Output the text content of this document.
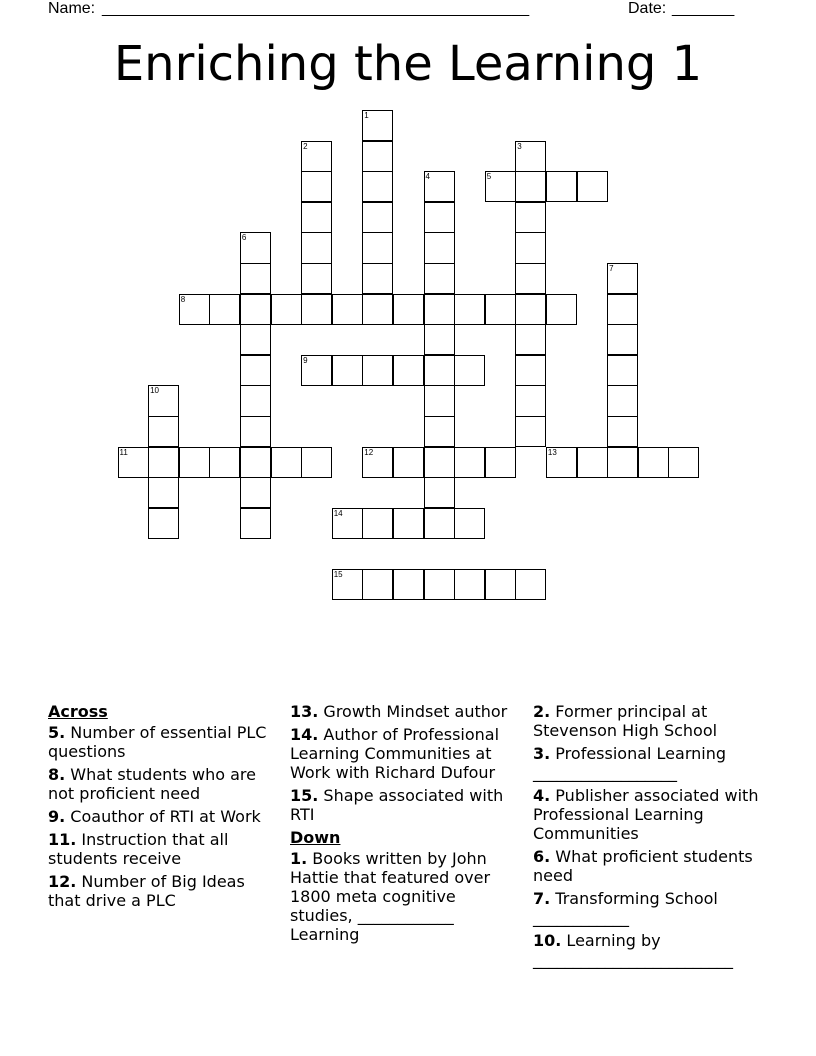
Name: ________________________________________________	Date: _______
Enriching the Learning 1
1
2	3
4	5
6
7
8
9
10
11	12	13
14
15
Across
5. Number of essential PLC questions
8. What students who are not proficient need
9. Coauthor of RTI at Work
11. Instruction that all students receive
12. Number of Big Ideas that drive a PLC
13. Growth Mindset author
14. Author of Professional Learning Communities at Work with Richard Dufour
15. Shape associated with RTI
Down
1. Books written by John Hattie that featured over 1800 meta cognitive studies, ____________ Learning
2. Former principal at Stevenson High School
3. Professional Learning __________________
4. Publisher associated with Professional Learning Communities
6. What proficient students need
7. Transforming School ____________
10. Learning by _________________________
